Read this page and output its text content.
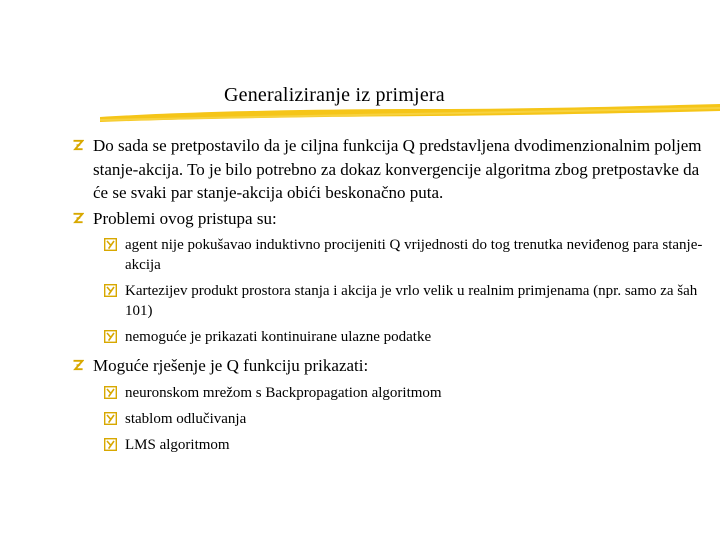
Generaliziranje iz primjera
Do sada se pretpostavilo da je ciljna funkcija Q predstavljena dvodimenzionalnim poljem stanje-akcija. To je bilo potrebno za dokaz konvergencije algoritma zbog pretpostavke da će se svaki par stanje-akcija obići beskonačno puta.
Problemi ovog pristupa su:
agent nije pokušavao induktivno procijeniti Q vrijednosti do tog trenutka neviđenog para stanje-akcija
Kartezijev produkt prostora stanja i akcija je vrlo velik u realnim primjenama (npr. samo za šah 101)
nemoguće je prikazati kontinuirane ulazne podatke
Moguće rješenje je Q funkciju prikazati:
neuronskom mrežom s Backpropagation algoritmom
stablom odlučivanja
LMS algoritmom
